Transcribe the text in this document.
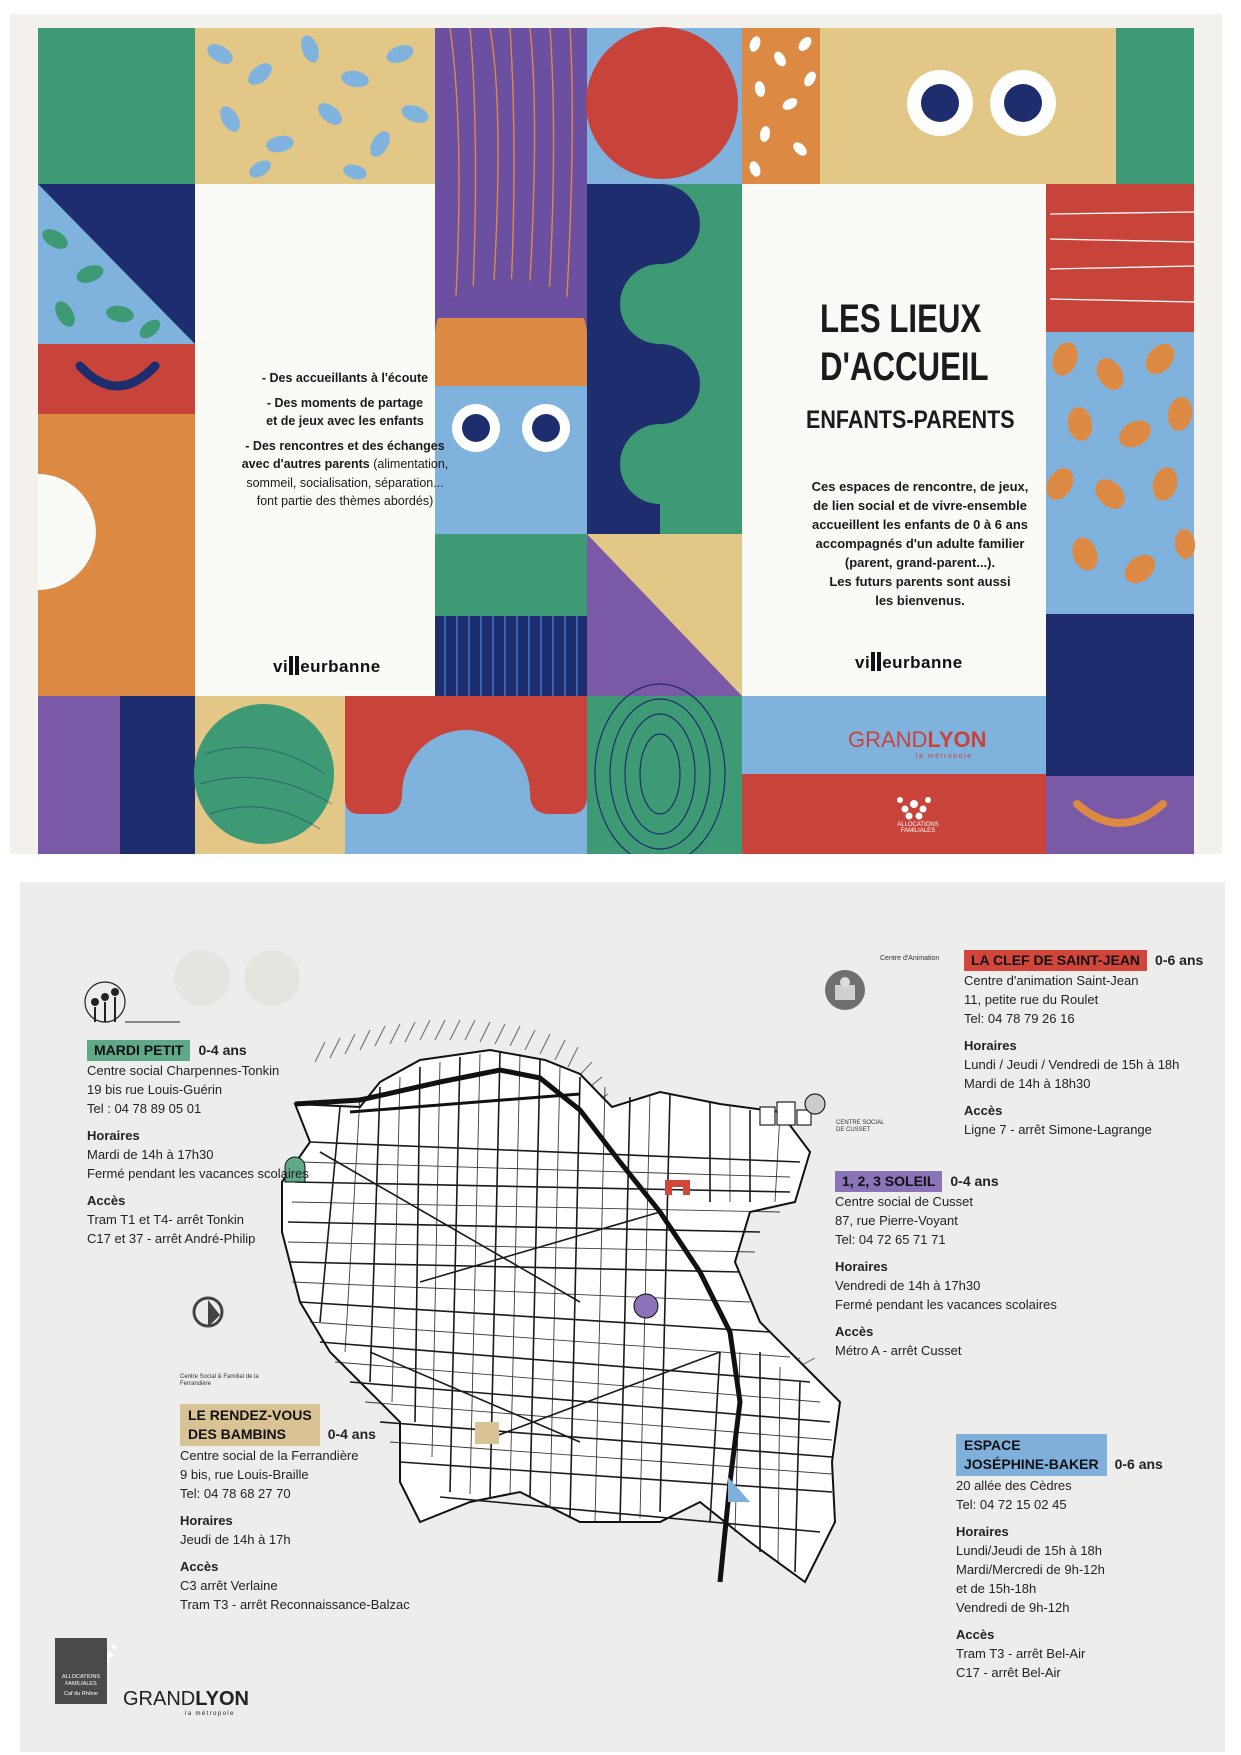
- Des accueillants à l'écoute
- Des moments de partage
et de jeux avec les enfants
- Des rencontres et des échanges
avec d'autres parents (alimentation,
sommeil, socialisation, séparation...
font partie des thèmes abordés)
vi eurbanne
LES LIEUX
D'ACCUEIL
ENFANTS-PARENTS
Ces espaces de rencontre, de jeux,
de lien social et de vivre-ensemble
accueillent les enfants de 0 à 6 ans
accompagnés d'un adulte familier
(parent, grand-parent...).
Les futurs parents sont aussi
les bienvenus.
vi eurbanne
GRANDLYON
la métropole
ALLOCATIONS FAMILIALES
MARDI PETIT 0-4 ans
Centre social Charpennes-Tonkin
19 bis rue Louis-Guérin
Tel : 04 78 89 05 01
Horaires
Mardi de 14h à 17h30
Fermé pendant les vacances scolaires
Accès
Tram T1 et T4- arrêt Tonkin
C17 et 37 - arrêt André-Philip
LA CLEF DE SAINT-JEAN 0-6 ans
Centre d'animation Saint-Jean
11, petite rue du Roulet
Tel: 04 78 79 26 16
Horaires
Lundi / Jeudi / Vendredi de 15h à 18h
Mardi de 14h à 18h30
Accès
Ligne 7 - arrêt Simone-Lagrange
Centre d'Animation
CENTRE SOCIAL
DE CUSSET
1, 2, 3 SOLEIL 0-4 ans
Centre social de Cusset
87, rue Pierre-Voyant
Tel: 04 72 65 71 71
Horaires
Vendredi de 14h à 17h30
Fermé pendant les vacances scolaires
Accès
Métro A - arrêt Cusset
Centre Social & Familial de la Ferrandière
LE RENDEZ-VOUS
DES BAMBINS	0-4 ans
Centre social de la Ferrandière
9 bis, rue Louis-Braille
Tel: 04 78 68 27 70
Horaires
Jeudi de 14h à 17h
Accès
C3 arrêt Verlaine
Tram T3 - arrêt Reconnaissance-Balzac
ESPACE
JOSÉPHINE-BAKER	0-6 ans
20 allée des Cèdres
Tel: 04 72 15 02 45
Horaires
Lundi/Jeudi de 15h à 18h
Mardi/Mercredi de 9h-12h
et de 15h-18h
Vendredi de 9h-12h
Accès
Tram T3 - arrêt Bel-Air
C17 - arrêt Bel-Air
ALLOCATIONS FAMILIALES
Caf du Rhône	GRANDLYON
la métropole
